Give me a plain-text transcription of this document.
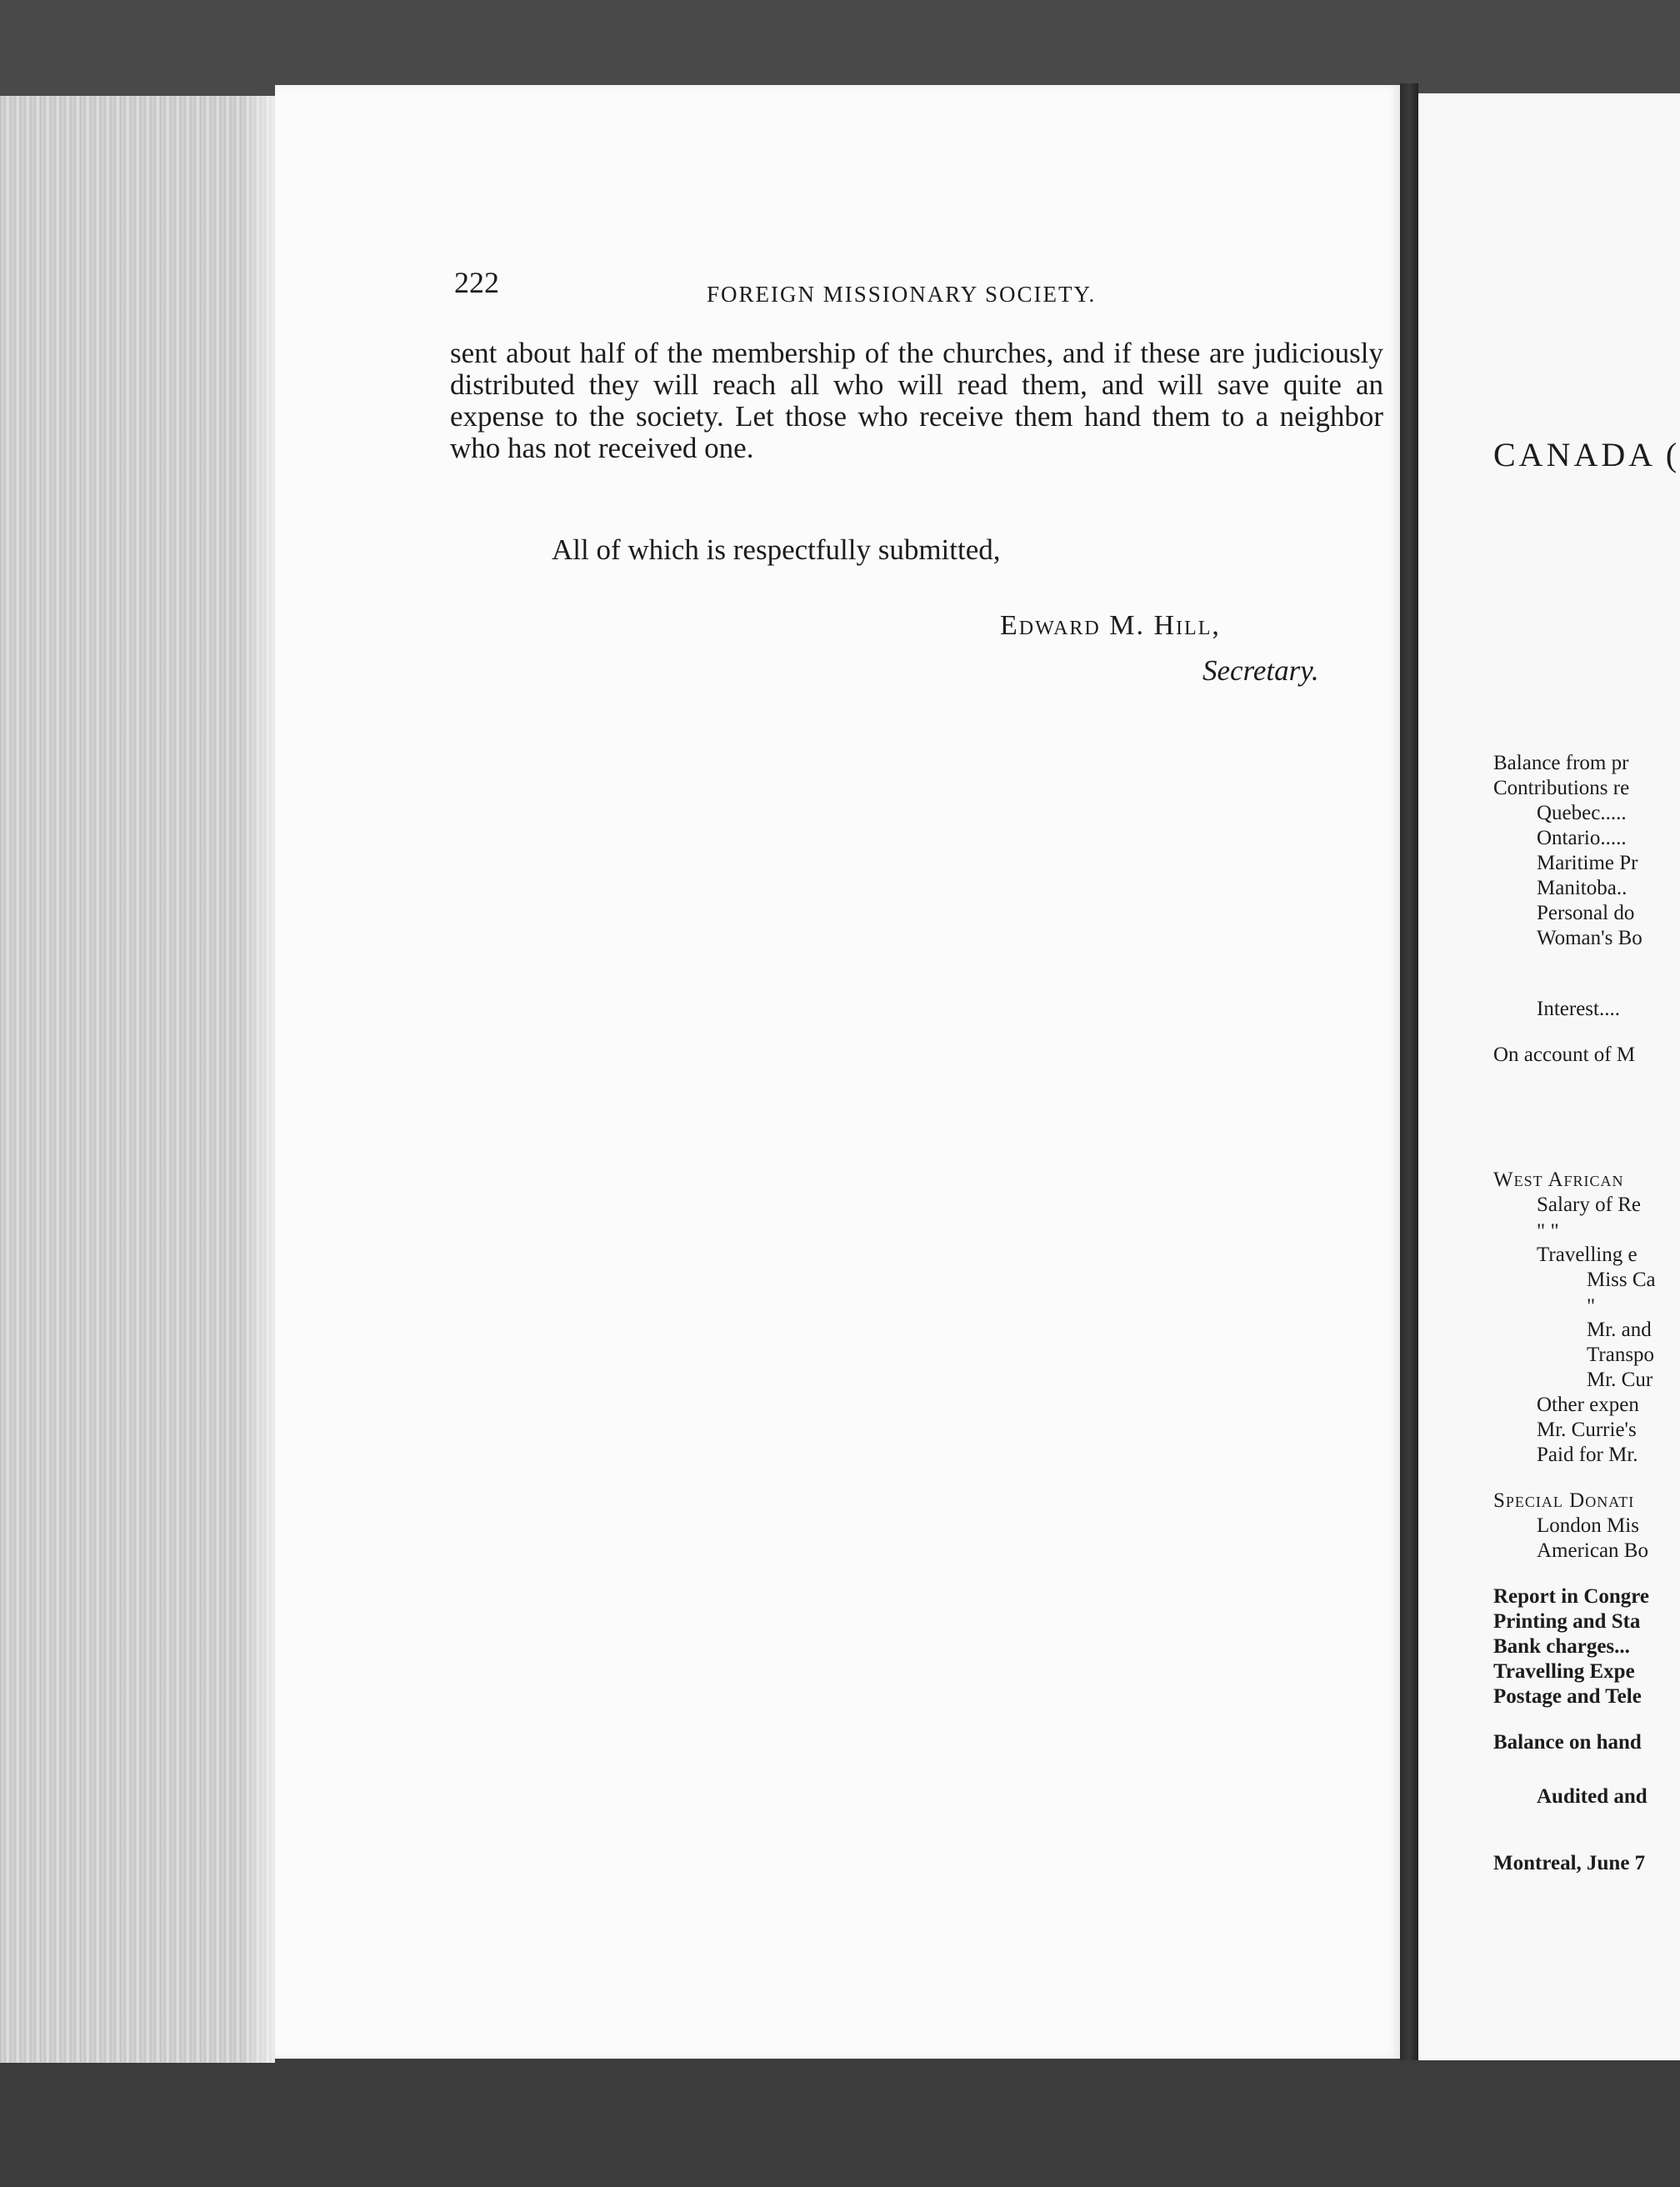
222	FOREIGN MISSIONARY SOCIETY.

sent about half of the membership of the churches, and if these are judiciously distributed they will reach all who will read them, and will save quite an expense to the society. Let those who receive them hand them to a neighbor who has not received one.

All of which is respectfully submitted,
Edward M. Hill,
Secretary.
CANADA (
Balance from pr
Contributions re
Quebec.....
Ontario.....
Maritime Pr
Manitoba..
Personal do
Woman's Bo
Interest....
On account of M
West African
Salary of Re
" "
Travelling e
Miss Ca
"
Mr. and
Transpo
Mr. Cur
Other expen
Mr. Currie's
Paid for Mr.
Special Donati
London Mis
American Bo
Report in Congre
Printing and Sta
Bank charges...
Travelling Expe
Postage and Tele
Balance on hand
Audited and
Montreal, June 7
